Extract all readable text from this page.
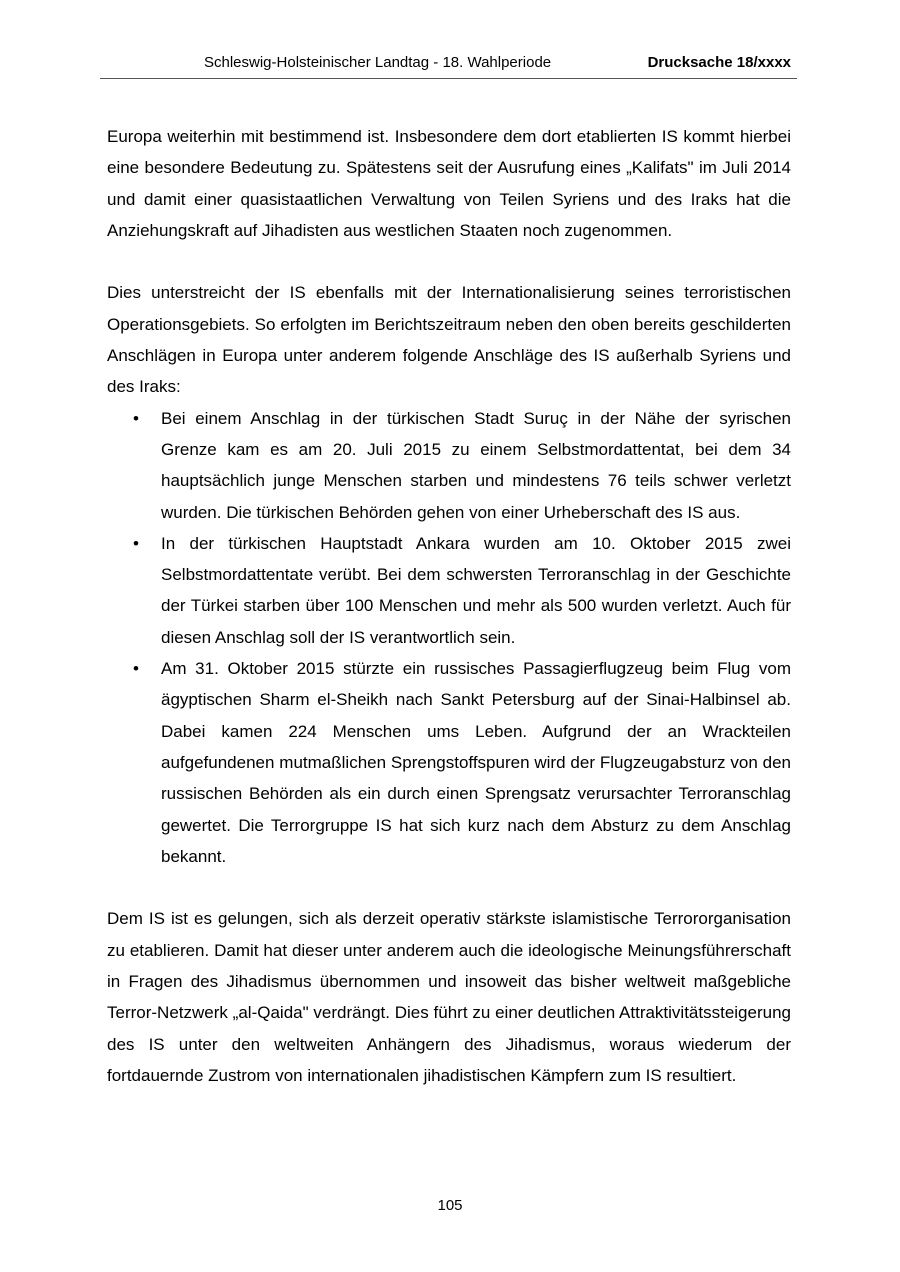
Schleswig-Holsteinischer Landtag - 18. Wahlperiode	Drucksache 18/xxxx

Europa weiterhin mit bestimmend ist. Insbesondere dem dort etablierten IS kommt hierbei eine besondere Bedeutung zu. Spätestens seit der Ausrufung eines „Kalifats" im Juli 2014 und damit einer quasistaatlichen Verwaltung von Teilen Syriens und des Iraks hat die Anziehungskraft auf Jihadisten aus westlichen Staaten noch zugenommen.

Dies unterstreicht der IS ebenfalls mit der Internationalisierung seines terroristischen Operationsgebiets. So erfolgten im Berichtszeitraum neben den oben bereits geschilderten Anschlägen in Europa unter anderem folgende Anschläge des IS außerhalb Syriens und des Iraks:

• Bei einem Anschlag in der türkischen Stadt Suruç in der Nähe der syrischen Grenze kam es am 20. Juli 2015 zu einem Selbstmordattentat, bei dem 34 hauptsächlich junge Menschen starben und mindestens 76 teils schwer verletzt wurden. Die türkischen Behörden gehen von einer Urheberschaft des IS aus.
• In der türkischen Hauptstadt Ankara wurden am 10. Oktober 2015 zwei Selbstmordattentate verübt. Bei dem schwersten Terroranschlag in der Geschichte der Türkei starben über 100 Menschen und mehr als 500 wurden verletzt. Auch für diesen Anschlag soll der IS verantwortlich sein.
• Am 31. Oktober 2015 stürzte ein russisches Passagierflugzeug beim Flug vom ägyptischen Sharm el-Sheikh nach Sankt Petersburg auf der Sinai-Halbinsel ab. Dabei kamen 224 Menschen ums Leben. Aufgrund der an Wrackteilen aufgefundenen mutmaßlichen Sprengstoffspuren wird der Flugzeugabsturz von den russischen Behörden als ein durch einen Sprengsatz verursachter Terroranschlag gewertet. Die Terrorgruppe IS hat sich kurz nach dem Absturz zu dem Anschlag bekannt.

Dem IS ist es gelungen, sich als derzeit operativ stärkste islamistische Terrororganisation zu etablieren. Damit hat dieser unter anderem auch die ideologische Meinungsführerschaft in Fragen des Jihadismus übernommen und insoweit das bisher weltweit maßgebliche Terror-Netzwerk „al-Qaida" verdrängt. Dies führt zu einer deutlichen Attraktivitätssteigerung des IS unter den weltweiten Anhängern des Jihadismus, woraus wiederum der fortdauernde Zustrom von internationalen jihadistischen Kämpfern zum IS resultiert.

105
